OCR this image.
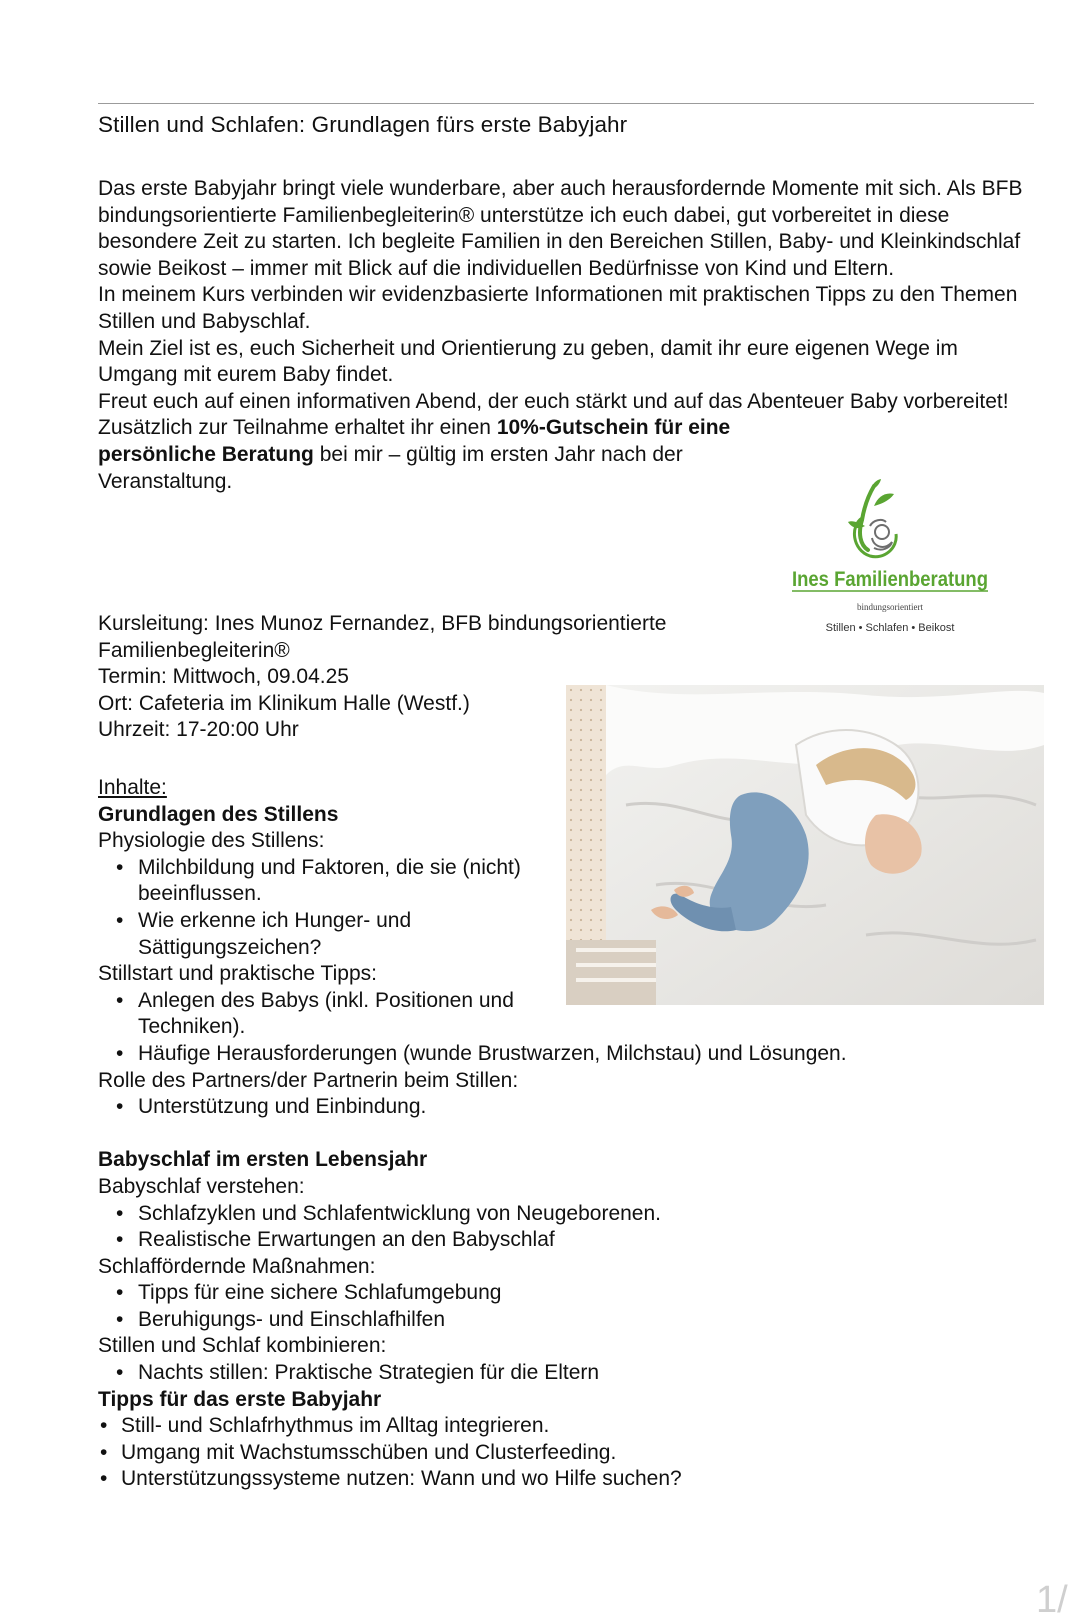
Stillen und Schlafen: Grundlagen fürs erste Babyjahr

Das erste Babyjahr bringt viele wunderbare, aber auch herausfordernde Momente mit sich. Als BFB bindungsorientierte Familienbegleiterin® unterstütze ich euch dabei, gut vorbereitet in diese besondere Zeit zu starten. Ich begleite Familien in den Bereichen Stillen, Baby- und Kleinkindschlaf sowie Beikost – immer mit Blick auf die individuellen Bedürfnisse von Kind und Eltern.

In meinem Kurs verbinden wir evidenzbasierte Informationen mit praktischen Tipps zu den Themen Stillen und Babyschlaf.

Mein Ziel ist es, euch Sicherheit und Orientierung zu geben, damit ihr eure eigenen Wege im Umgang mit eurem Baby findet.

Freut euch auf einen informativen Abend, der euch stärkt und auf das Abenteuer Baby vorbereitet!

Zusätzlich zur Teilnahme erhaltet ihr einen 10%-Gutschein für eine persönliche Beratung bei mir – gültig im ersten Jahr nach der Veranstaltung.

Ines Familienberatung
bindungsorientiert
Stillen • Schlafen • Beikost
Kursleitung: Ines Munoz Fernandez, BFB bindungsorientierte Familienbegleiterin®
Termin: Mittwoch, 09.04.25
Ort: Cafeteria im Klinikum Halle (Westf.)
Uhrzeit: 17-20:00 Uhr
Inhalte:
Grundlagen des Stillens
Physiologie des Stillens:
• Milchbildung und Faktoren, die sie (nicht) beeinflussen.
• Wie erkenne ich Hunger- und Sättigungszeichen?
Stillstart und praktische Tipps:
• Anlegen des Babys (inkl. Positionen und Techniken).
• Häufige Herausforderungen (wunde Brustwarzen, Milchstau) und Lösungen.
Rolle des Partners/der Partnerin beim Stillen:
• Unterstützung und Einbindung.
Babyschlaf im ersten Lebensjahr
Babyschlaf verstehen:
• Schlafzyklen und Schlafentwicklung von Neugeborenen.
• Realistische Erwartungen an den Babyschlaf
Schlaffördernde Maßnahmen:
• Tipps für eine sichere Schlafumgebung
• Beruhigungs- und Einschlafhilfen
Stillen und Schlaf kombinieren:
• Nachts stillen: Praktische Strategien für die Eltern
Tipps für das erste Babyjahr
• Still- und Schlafrhythmus im Alltag integrieren.
• Umgang mit Wachstumsschüben und Clusterfeeding.
• Unterstützungssysteme nutzen: Wann und wo Hilfe suchen?
1/
